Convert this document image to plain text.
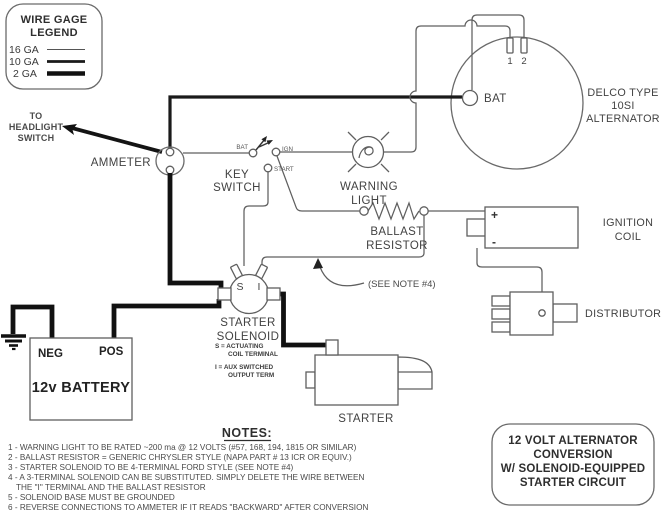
WIRE GAGE
LEGEND
16 GA
10 GA
2 GA
TO
HEADLIGHT
SWITCH
DELCO TYPE
10SI
ALTERNATOR
AMMETER
BAT	IGN
START
KEY
SWITCH	WARNING
LIGHT
BAT
1 2
BALLAST
RESISTOR
(SEE NOTE #4)
+
-
IGNITION
COIL
DISTRIBUTOR
S I
STARTER
SOLENOID
S = ACTUATING
COIL TERMINAL
I = AUX SWITCHED
OUTPUT TERM
NEG	POS
12v BATTERY
STARTER
NOTES:
1 - WARNING LIGHT TO BE RATED ~200 ma @ 12 VOLTS (#57, 168, 194, 1815 OR SIMILAR)
2 - BALLAST RESISTOR = GENERIC CHRYSLER STYLE (NAPA PART # 13 ICR OR EQUIV.)
3 - STARTER SOLENOID TO BE 4-TERMINAL FORD STYLE (SEE NOTE #4)
4 - A 3-TERMINAL SOLENOID CAN BE SUBSTITUTED. SIMPLY DELETE THE WIRE BETWEEN
THE "I" TERMINAL AND THE BALLAST RESISTOR
5 - SOLENOID BASE MUST BE GROUNDED
6 - REVERSE CONNECTIONS TO AMMETER IF IT READS "BACKWARD" AFTER CONVERSION
12 VOLT ALTERNATOR
CONVERSION
W/ SOLENOID-EQUIPPED
STARTER CIRCUIT
